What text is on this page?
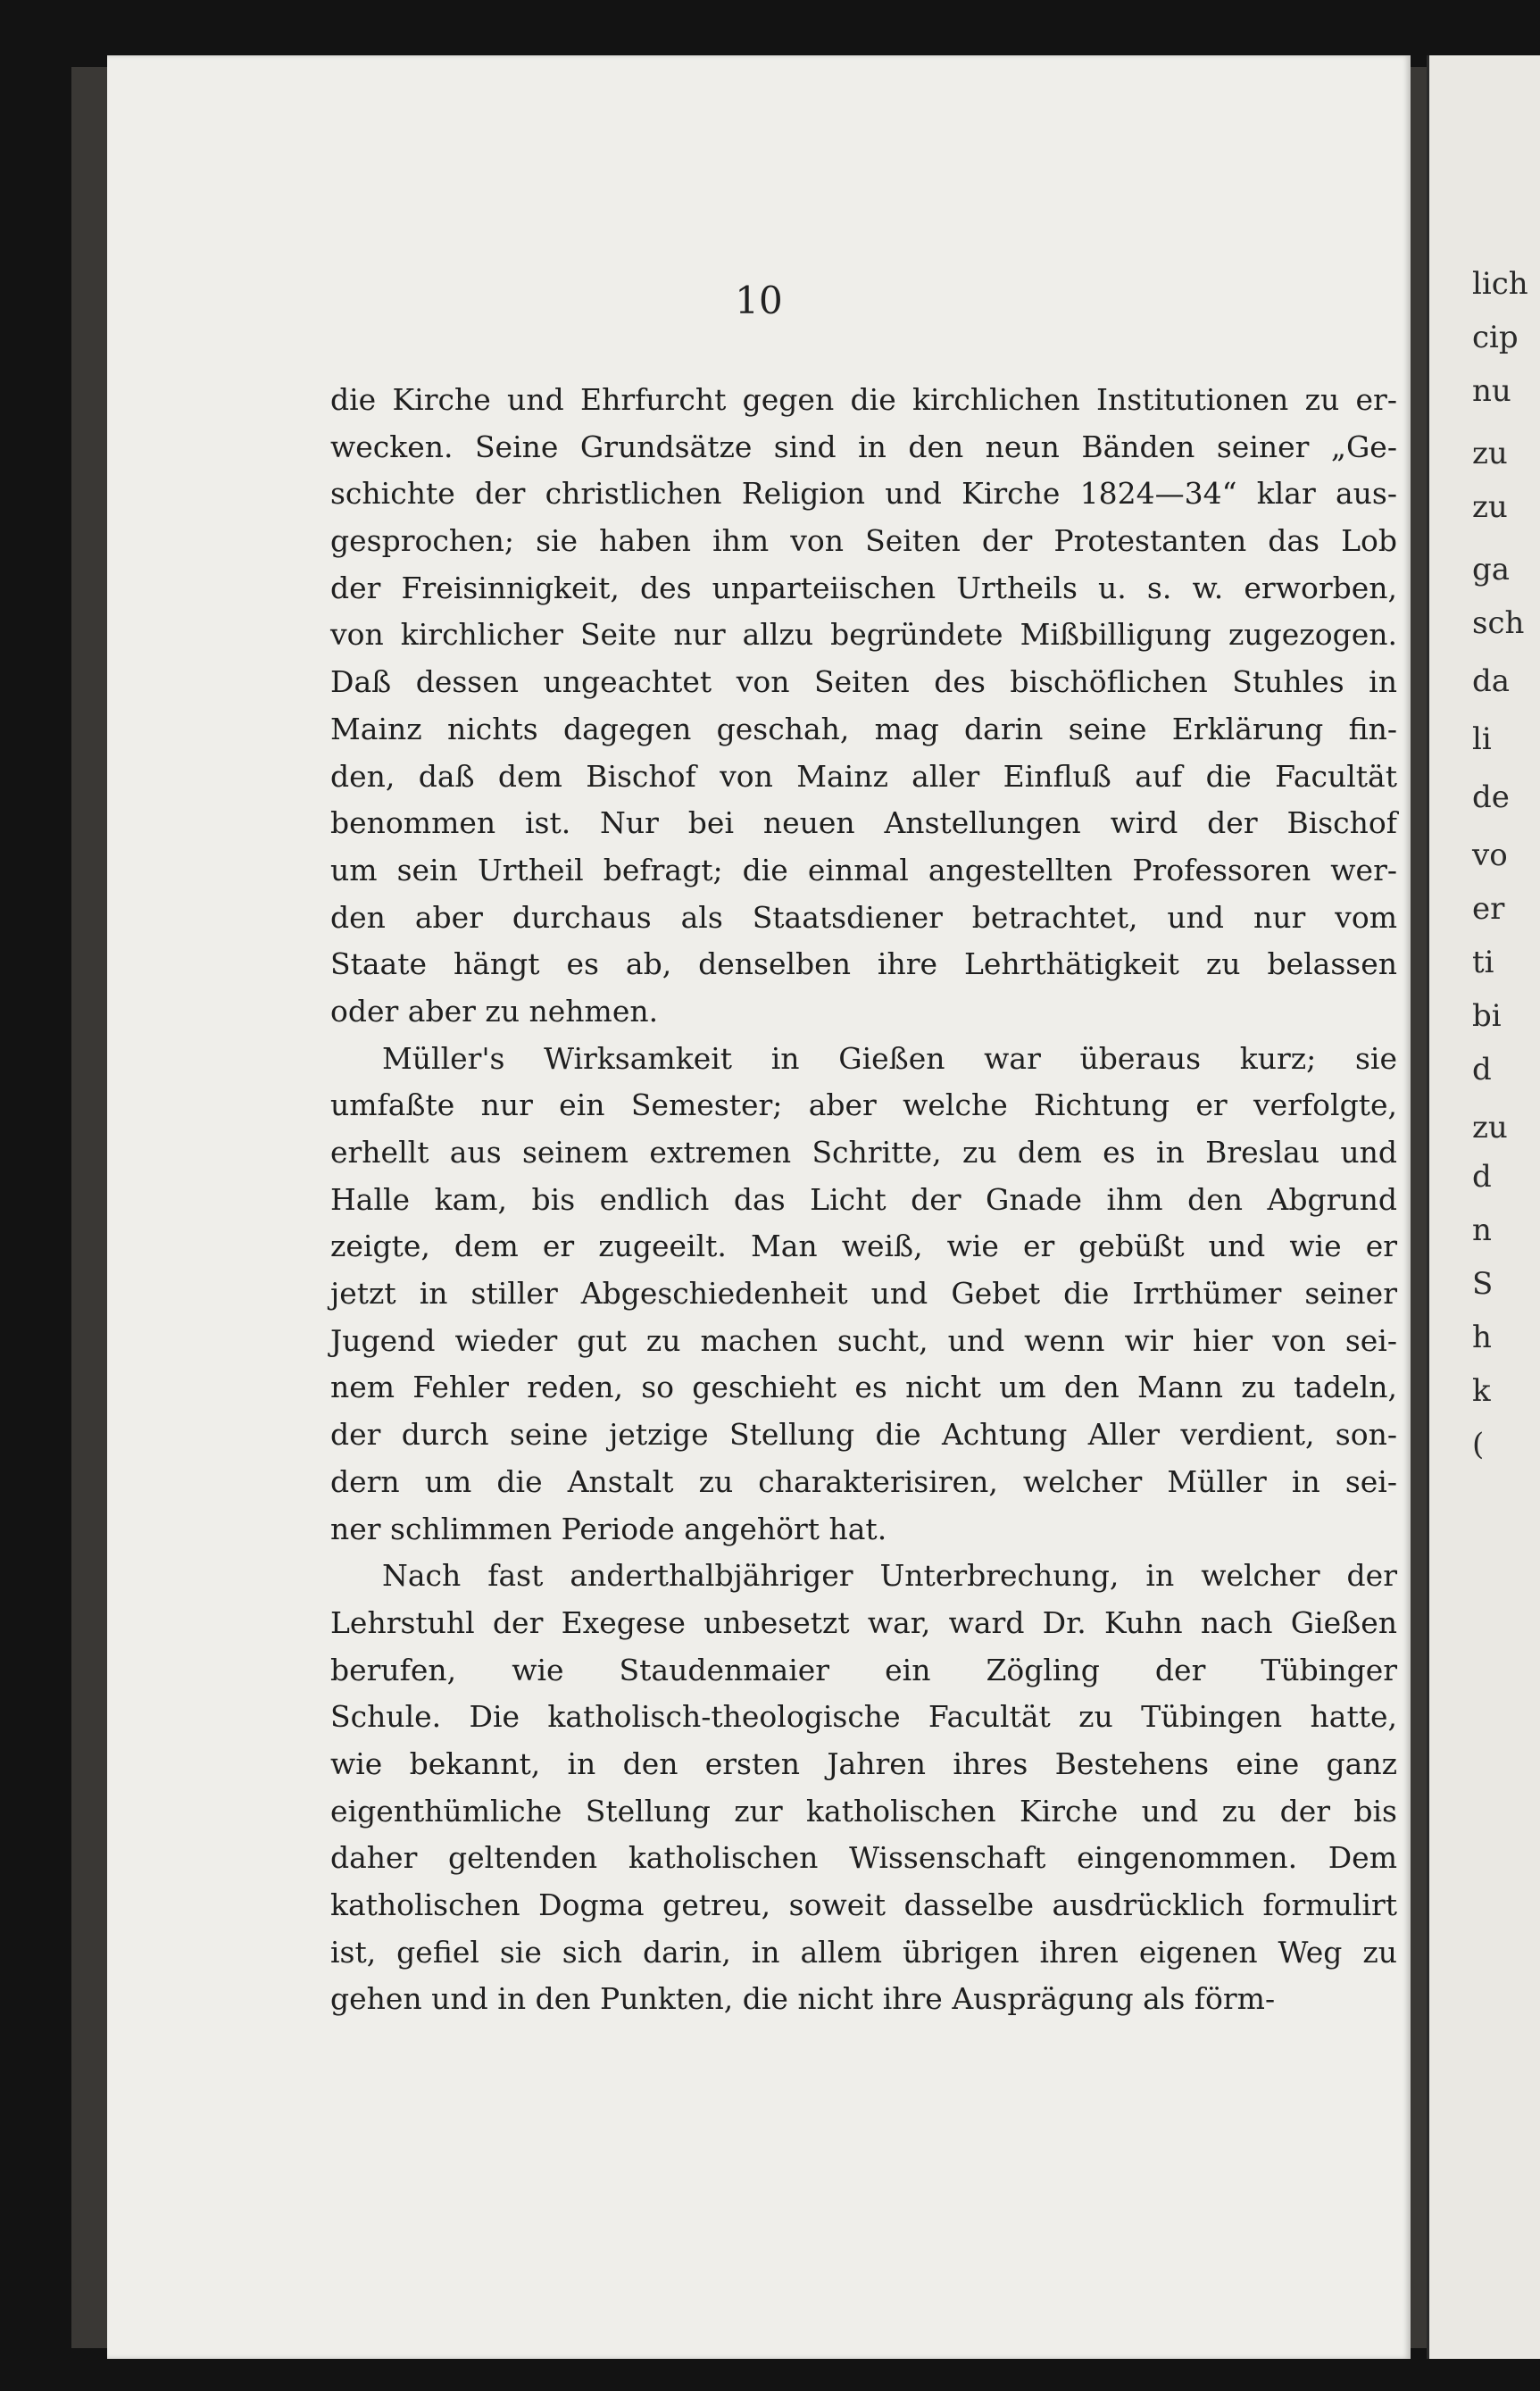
10

die Kirche und Ehrfurcht gegen die kirchlichen Institutionen zu er-
wecken. Seine Grundsätze sind in den neun Bänden seiner „Ge-
schichte der christlichen Religion und Kirche 1824—34“ klar aus-
gesprochen; sie haben ihm von Seiten der Protestanten das Lob
der Freisinnigkeit, des unparteiischen Urtheils u. s. w. erworben,
von kirchlicher Seite nur allzu begründete Mißbilligung zugezogen.
Daß dessen ungeachtet von Seiten des bischöflichen Stuhles in
Mainz nichts dagegen geschah, mag darin seine Erklärung fin-
den, daß dem Bischof von Mainz aller Einfluß auf die Facultät
benommen ist. Nur bei neuen Anstellungen wird der Bischof
um sein Urtheil befragt; die einmal angestellten Professoren wer-
den aber durchaus als Staatsdiener betrachtet, und nur vom
Staate hängt es ab, denselben ihre Lehrthätigkeit zu belassen
oder aber zu nehmen.
Müller's Wirksamkeit in Gießen war überaus kurz; sie
umfaßte nur ein Semester; aber welche Richtung er verfolgte,
erhellt aus seinem extremen Schritte, zu dem es in Breslau und
Halle kam, bis endlich das Licht der Gnade ihm den Abgrund
zeigte, dem er zugeeilt. Man weiß, wie er gebüßt und wie er
jetzt in stiller Abgeschiedenheit und Gebet die Irrthümer seiner
Jugend wieder gut zu machen sucht, und wenn wir hier von sei-
nem Fehler reden, so geschieht es nicht um den Mann zu tadeln,
der durch seine jetzige Stellung die Achtung Aller verdient, son-
dern um die Anstalt zu charakterisiren, welcher Müller in sei-
ner schlimmen Periode angehört hat.
Nach fast anderthalbjähriger Unterbrechung, in welcher der
Lehrstuhl der Exegese unbesetzt war, ward Dr. Kuhn nach Gießen
berufen, wie Staudenmaier ein Zögling der Tübinger
Schule. Die katholisch-theologische Facultät zu Tübingen hatte,
wie bekannt, in den ersten Jahren ihres Bestehens eine ganz
eigenthümliche Stellung zur katholischen Kirche und zu der bis
daher geltenden katholischen Wissenschaft eingenommen. Dem
katholischen Dogma getreu, soweit dasselbe ausdrücklich formulirt
ist, gefiel sie sich darin, in allem übrigen ihren eigenen Weg zu
gehen und in den Punkten, die nicht ihre Ausprägung als förm-
lich
cip
nu
zu
zu
ga
sch
da
li
de
vo
er
ti
bi
d
zu
d
n
S
h
k
(
